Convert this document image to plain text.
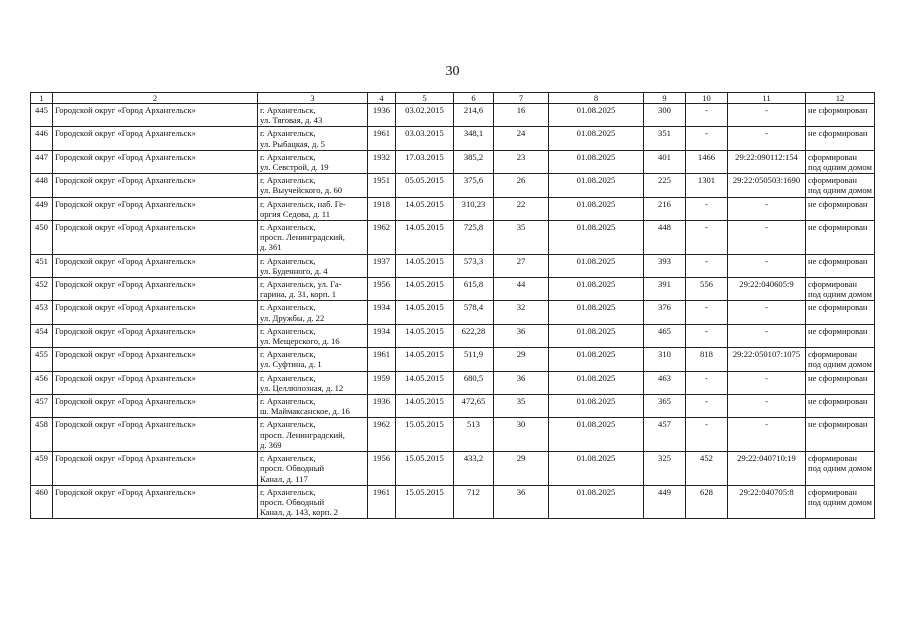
30
1	2	3	4	5	6	7	8	9	10	11	12
445	Городской округ «Город Архангельск»	г. Архангельск,
ул. Тяговая, д. 43	1936	03.02.2015	214,6	16	01.08.2025	300	-	-	не сформирован
446	Городской округ «Город Архангельск»	г. Архангельск,
ул. Рыбацкая, д. 5	1961	03.03.2015	348,1	24	01.08.2025	351	-	-	не сформирован
447	Городской округ «Город Архангельск»	г. Архангельск,
ул. Севстрой, д. 19	1932	17.03.2015	385,2	23	01.08.2025	401	1466	29:22:090112:154	сформирован под одним домом
448	Городской округ «Город Архангельск»	г. Архангельск,
ул. Выучейского, д. 60	1951	05.05.2015	375,6	26	01.08.2025	225	1301	29:22:050503:1690	сформирован под одним домом
449	Городской округ «Город Архангельск»	г. Архангельск, наб. Ге-
оргия Седова, д. 11	1918	14.05.2015	310,23	22	01.08.2025	216	-	-	не сформирован
450	Городской округ «Город Архангельск»	г. Архангельск,
просп. Ленинградский,
д. 361	1962	14.05.2015	725,8	35	01.08.2025	448	-	-	не сформирован
451	Городской округ «Город Архангельск»	г. Архангельск,
ул. Буденного, д. 4	1937	14.05.2015	573,3	27	01.08.2025	393	-	-	не сформирован
452	Городской округ «Город Архангельск»	г. Архангельск, ул. Га-
гарина, д. 31, корп. 1	1956	14.05.2015	615,8	44	01.08.2025	391	556	29:22:040605:9	сформирован под одним домом
453	Городской округ «Город Архангельск»	г. Архангельск,
ул. Дружбы, д. 22	1934	14.05.2015	578,4	32	01.08.2025	376	-	-	не сформирован
454	Городской округ «Город Архангельск»	г. Архангельск,
ул. Мещерского, д. 16	1934	14.05.2015	622,28	36	01.08.2025	465	-	-	не сформирован
455	Городской округ «Город Архангельск»	г. Архангельск,
ул. Суфтина, д. 1	1961	14.05.2015	511,9	29	01.08.2025	310	818	29:22:050107:1075	сформирован под одним домом
456	Городской округ «Город Архангельск»	г. Архангельск,
ул. Целлюлозная, д. 12	1959	14.05.2015	680,5	36	01.08.2025	463	-	-	не сформирован
457	Городской округ «Город Архангельск»	г. Архангельск,
ш. Маймаксанское, д. 16	1936	14.05.2015	472,65	35	01.08.2025	365	-	-	не сформирован
458	Городской округ «Город Архангельск»	г. Архангельск,
просп. Ленинградский,
д. 369	1962	15.05.2015	513	30	01.08.2025	457	-	-	не сформирован
459	Городской округ «Город Архангельск»	г. Архангельск,
просп. Обводный
Канал, д. 117	1956	15.05.2015	433,2	29	01.08.2025	325	452	29:22:040710:19	сформирован под одним домом
460	Городской округ «Город Архангельск»	г. Архангельск,
просп. Обводный
Канал, д. 143, корп. 2	1961	15.05.2015	712	36	01.08.2025	449	628	29:22:040705:8	сформирован под одним домом
